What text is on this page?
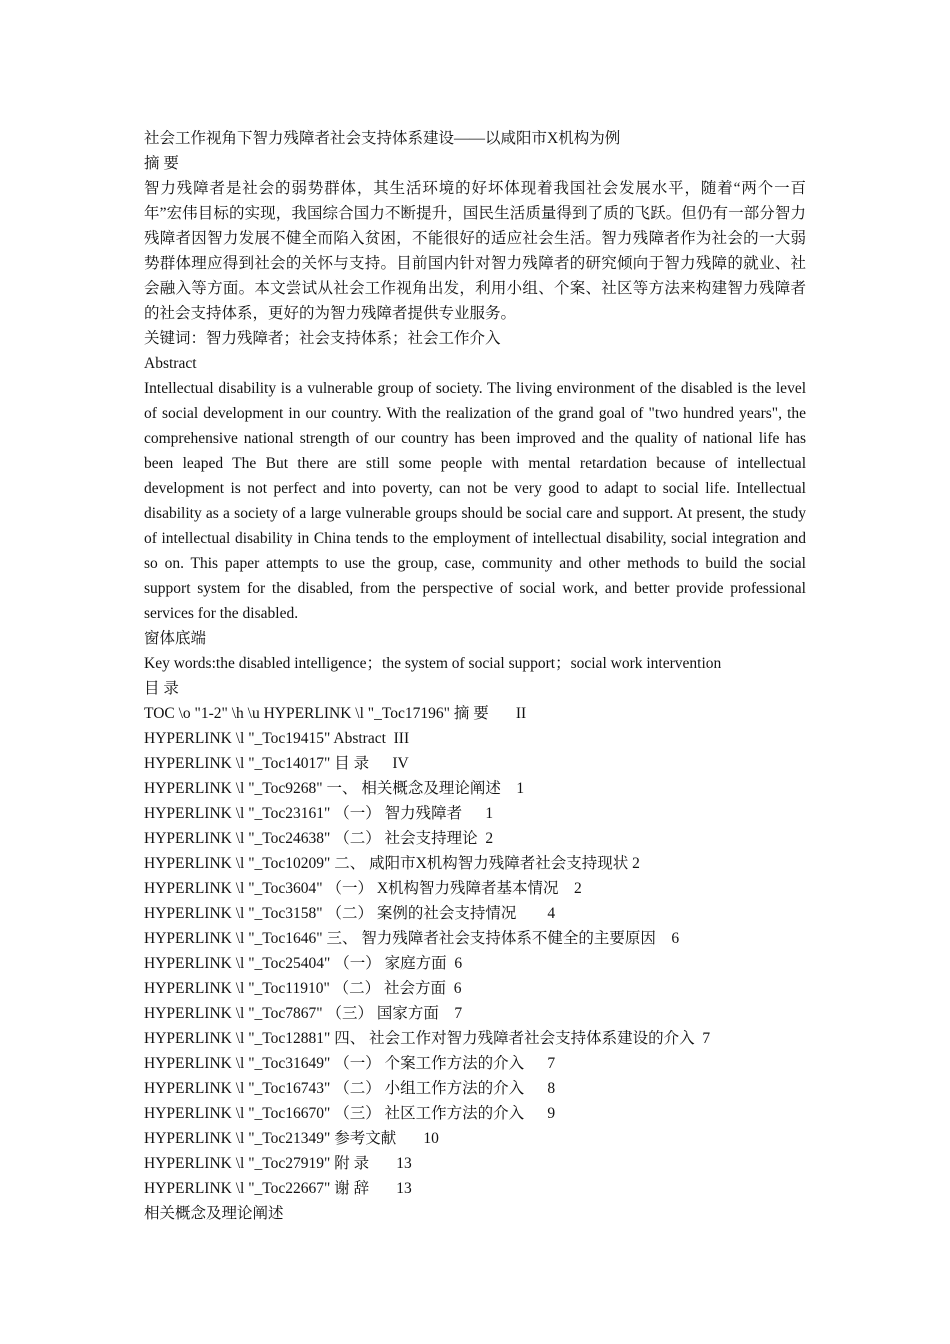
社会工作视角下智力残障者社会支持体系建设——以咸阳市X机构为例
摘 要

智力残障者是社会的弱势群体，其生活环境的好坏体现着我国社会发展水平，随着“两个一百年”宏伟目标的实现，我国综合国力不断提升，国民生活质量得到了质的飞跃。但仍有一部分智力残障者因智力发展不健全而陷入贫困，不能很好的适应社会生活。智力残障者作为社会的一大弱势群体理应得到社会的关怀与支持。目前国内针对智力残障者的研究倾向于智力残障的就业、社会融入等方面。本文尝试从社会工作视角出发，利用小组、个案、社区等方法来构建智力残障者的社会支持体系，更好的为智力残障者提供专业服务。

关键词：智力残障者；社会支持体系；社会工作介入
Abstract

Intellectual disability is a vulnerable group of society. The living environment of the disabled is the level of social development in our country. With the realization of the grand goal of "two hundred years", the comprehensive national strength of our country has been improved and the quality of national life has been leaped The But there are still some people with mental retardation because of intellectual development is not perfect and into poverty, can not be very good to adapt to social life. Intellectual disability as a society of a large vulnerable groups should be social care and support. At present, the study of intellectual disability in China tends to the employment of intellectual disability, social integration and so on. This paper attempts to use the group, case, community and other methods to build the social support system for the disabled, from the perspective of social work, and better provide professional services for the disabled.

窗体底端
Key words:the disabled intelligence；the system of social support；social work intervention
目 录
TOC \o "1-2" \h \u HYPERLINK \l "_Toc17196" 摘 要       II
HYPERLINK \l "_Toc19415" Abstract  III
HYPERLINK \l "_Toc14017" 目 录      IV
HYPERLINK \l "_Toc9268" 一、 相关概念及理论阐述    1
HYPERLINK \l "_Toc23161" （一） 智力残障者      1
HYPERLINK \l "_Toc24638" （二） 社会支持理论  2
HYPERLINK \l "_Toc10209" 二、 咸阳市X机构智力残障者社会支持现状 2
HYPERLINK \l "_Toc3604" （一） X机构智力残障者基本情况    2
HYPERLINK \l "_Toc3158" （二） 案例的社会支持情况        4
HYPERLINK \l "_Toc1646" 三、 智力残障者社会支持体系不健全的主要原因    6
HYPERLINK \l "_Toc25404" （一） 家庭方面  6
HYPERLINK \l "_Toc11910" （二） 社会方面  6
HYPERLINK \l "_Toc7867" （三） 国家方面    7
HYPERLINK \l "_Toc12881" 四、 社会工作对智力残障者社会支持体系建设的介入  7
HYPERLINK \l "_Toc31649" （一） 个案工作方法的介入      7
HYPERLINK \l "_Toc16743" （二） 小组工作方法的介入      8
HYPERLINK \l "_Toc16670" （三） 社区工作方法的介入      9
HYPERLINK \l "_Toc21349" 参考文献       10
HYPERLINK \l "_Toc27919" 附 录       13
HYPERLINK \l "_Toc22667" 谢 辞       13
相关概念及理论阐述
